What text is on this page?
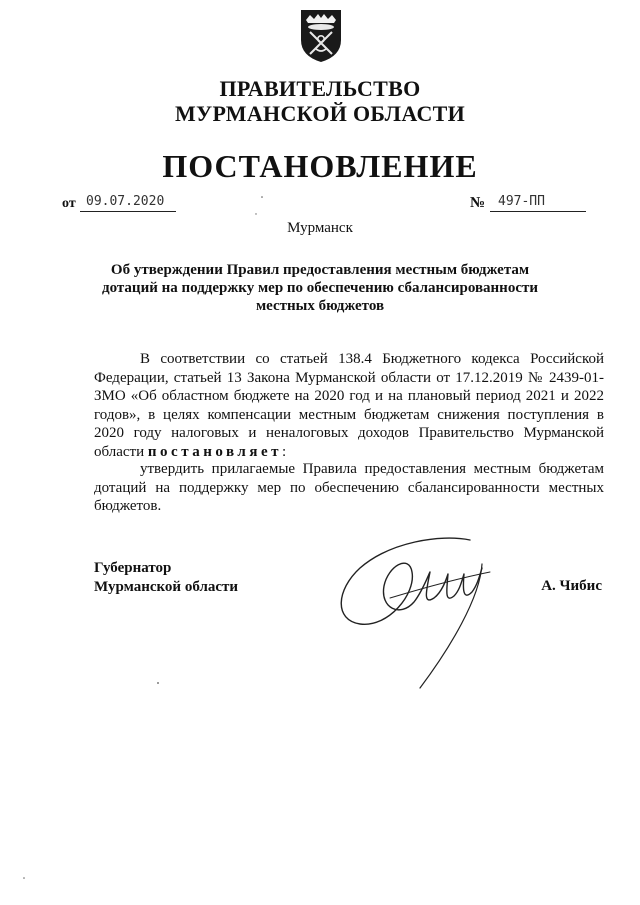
ПРАВИТЕЛЬСТВО
МУРМАНСКОЙ ОБЛАСТИ
ПОСТАНОВЛЕНИЕ
от 09.07.2020	№ 497-ПП
Мурманск
Об утверждении Правил предоставления местным бюджетам дотаций на поддержку мер по обеспечению сбалансированности местных бюджетов
В соответствии со статьей 138.4 Бюджетного кодекса Российской Федерации, статьей 13 Закона Мурманской области от 17.12.2019 № 2439-01-ЗМО «Об областном бюджете на 2020 год и на плановый период 2021 и 2022 годов», в целях компенсации местным бюджетам снижения поступления в 2020 году налоговых и неналоговых доходов Правительство Мурманской области постановляет:
утвердить прилагаемые Правила предоставления местным бюджетам дотаций на поддержку мер по обеспечению сбалансированности местных бюджетов.
Губернатор
Мурманской области	А. Чибис
